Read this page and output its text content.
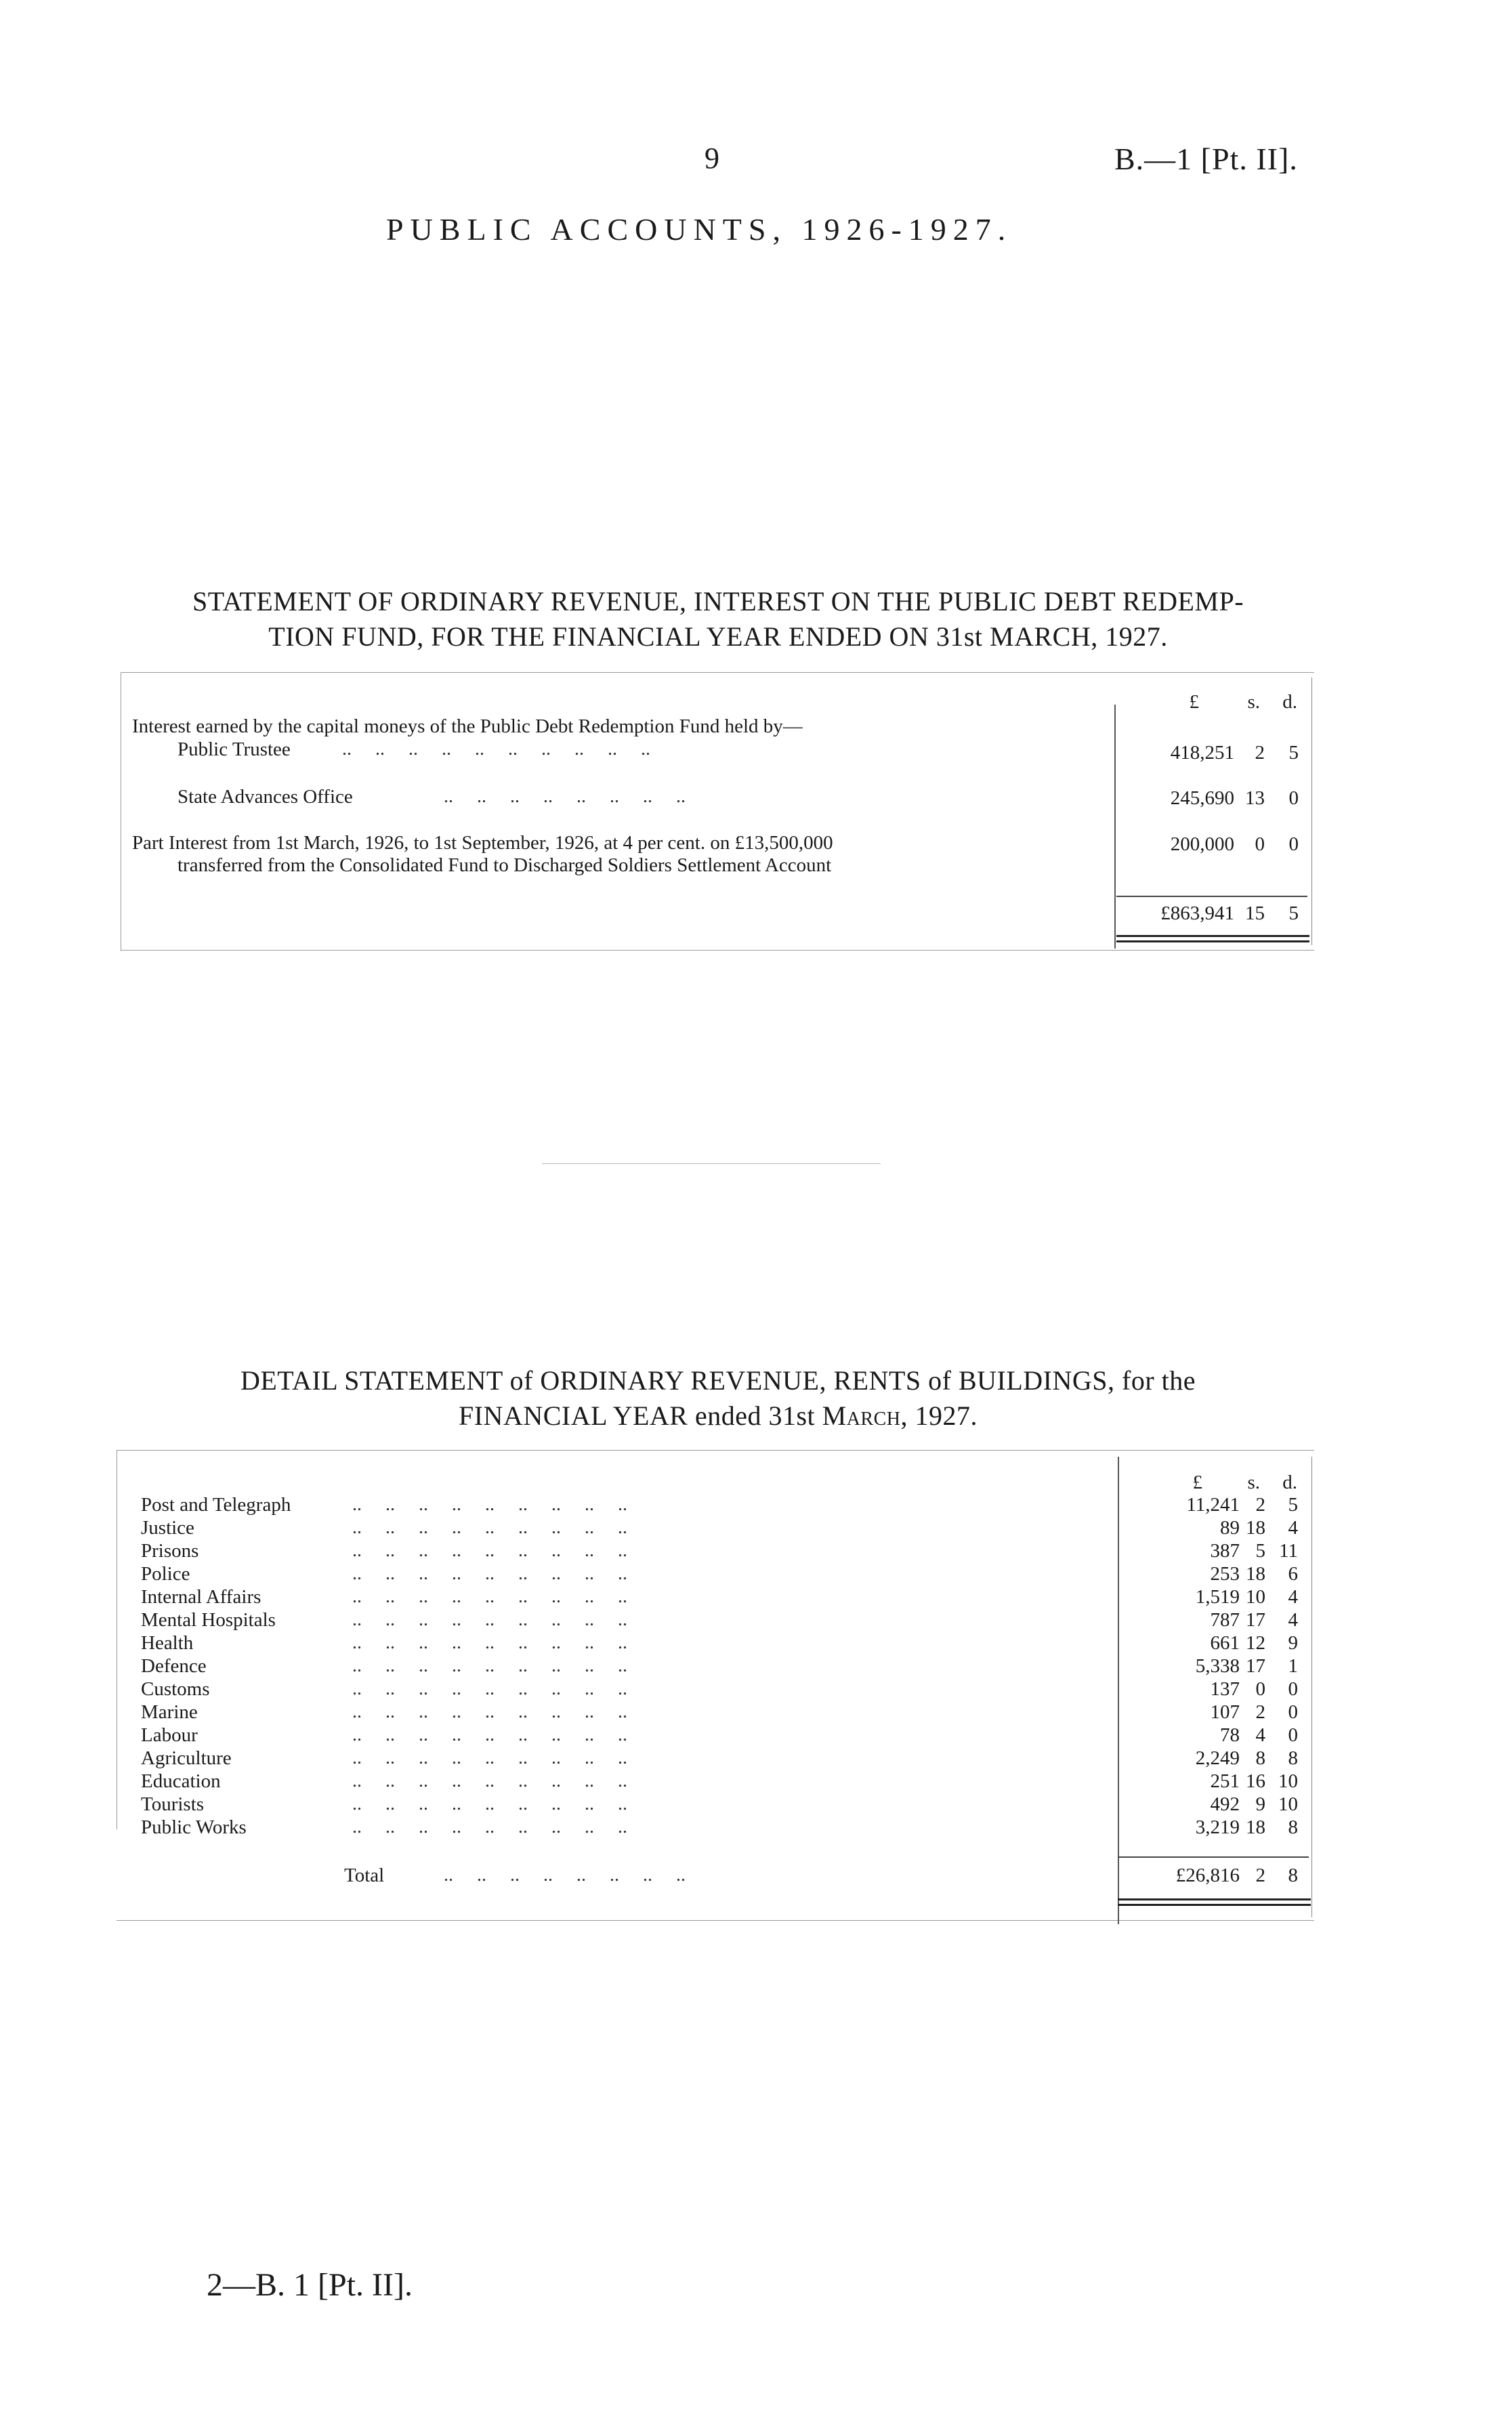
9	B.—1 [Pt. II].
PUBLIC ACCOUNTS, 1926-1927.
STATEMENT OF ORDINARY REVENUE, INTEREST ON THE PUBLIC DEBT REDEMP-
TION FUND, FOR THE FINANCIAL YEAR ENDED ON 31st MARCH, 1927.
£	s.	d.
Interest earned by the capital moneys of the Public Debt Redemption Fund held by—
Public Trustee	..     ..     ..     ..     ..     ..     ..     ..     ..     ..	418,251	2	5
State Advances Office	..     ..     ..     ..     ..     ..     ..     ..	245,690 13	0
Part Interest from 1st March, 1926, to 1st September, 1926, at 4 per cent. on £13,500,000
transferred from the Consolidated Fund to Discharged Soldiers Settlement Account
200,000	0	0
£863,941 15	5
DETAIL STATEMENT of ORDINARY REVENUE, RENTS of BUILDINGS, for the
FINANCIAL YEAR ended 31st March, 1927.
£	s.	d.
Post and Telegraph	..     ..     ..     ..     ..     ..     ..     ..     ..	11,241 2	5
Justice	..     ..     ..     ..     ..     ..     ..     ..     ..	89 18	4
Prisons	..     ..     ..     ..     ..     ..     ..     ..     ..	387 5 11
Police	..     ..     ..     ..     ..     ..     ..     ..     ..	253 18	6
Internal Affairs	..     ..     ..     ..     ..     ..     ..     ..     ..	1,519 10	4
Mental Hospitals	..     ..     ..     ..     ..     ..     ..     ..     ..	787 17	4
Health	..     ..     ..     ..     ..     ..     ..     ..     ..	661 12	9
Defence	..     ..     ..     ..     ..     ..     ..     ..     ..	5,338 17	1
Customs	..     ..     ..     ..     ..     ..     ..     ..     ..	137 0	0
Marine	..     ..     ..     ..     ..     ..     ..     ..     ..	107 2	0
Labour	..     ..     ..     ..     ..     ..     ..     ..     ..	78 4	0
Agriculture	..     ..     ..     ..     ..     ..     ..     ..     ..	2,249 8	8
Education	..     ..     ..     ..     ..     ..     ..     ..     ..	251 16 10
Tourists	..     ..     ..     ..     ..     ..     ..     ..     ..	492 9 10
Public Works	..     ..     ..     ..     ..     ..     ..     ..     ..	3,219 18	8
Total	..     ..     ..     ..     ..     ..     ..     ..	£26,816 2	8
2—B. 1 [Pt. II].
